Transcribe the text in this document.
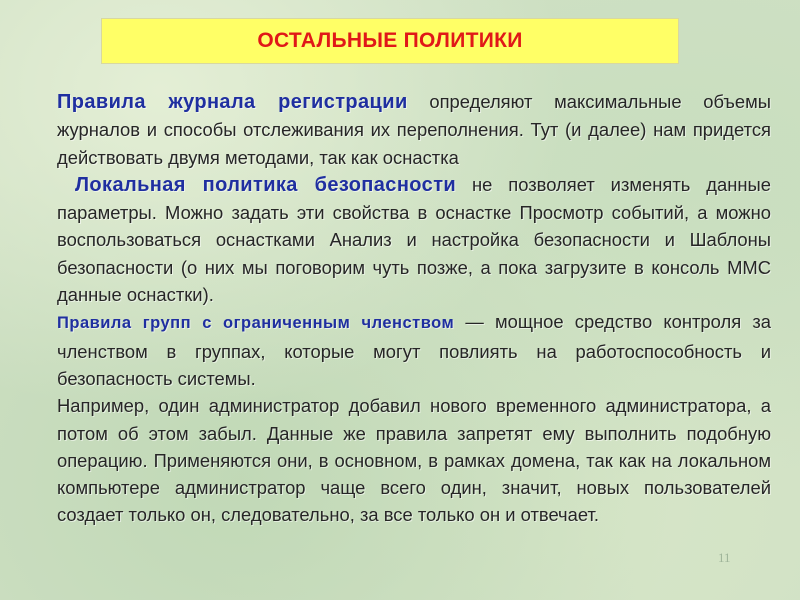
ОСТАЛЬНЫЕ ПОЛИТИКИ

Правила журнала регистрации определяют максимальные объемы журналов и способы отслеживания их переполнения. Тут (и далее) нам придется действовать двумя методами, так как оснастка

Локальная политика безопасности не позволяет изменять данные параметры. Можно задать эти свойства в оснастке Просмотр событий, а можно воспользоваться оснастками Анализ и настройка безопасности и Шаблоны безопасности (о них мы поговорим чуть позже, а пока загрузите в консоль ММС данные оснастки).

Правила групп с ограниченным членством — мощное средство контроля за членством в группах, которые могут повлиять на работоспособность и безопасность системы.

Например, один администратор добавил нового временного администратора, а потом об этом забыл. Данные же правила запретят ему выполнить подобную операцию. Применяются они, в основном, в рамках домена, так как на локальном компьютере администратор чаще всего один, значит, новых пользователей создает только он, следовательно, за все только он и отвечает.

11
